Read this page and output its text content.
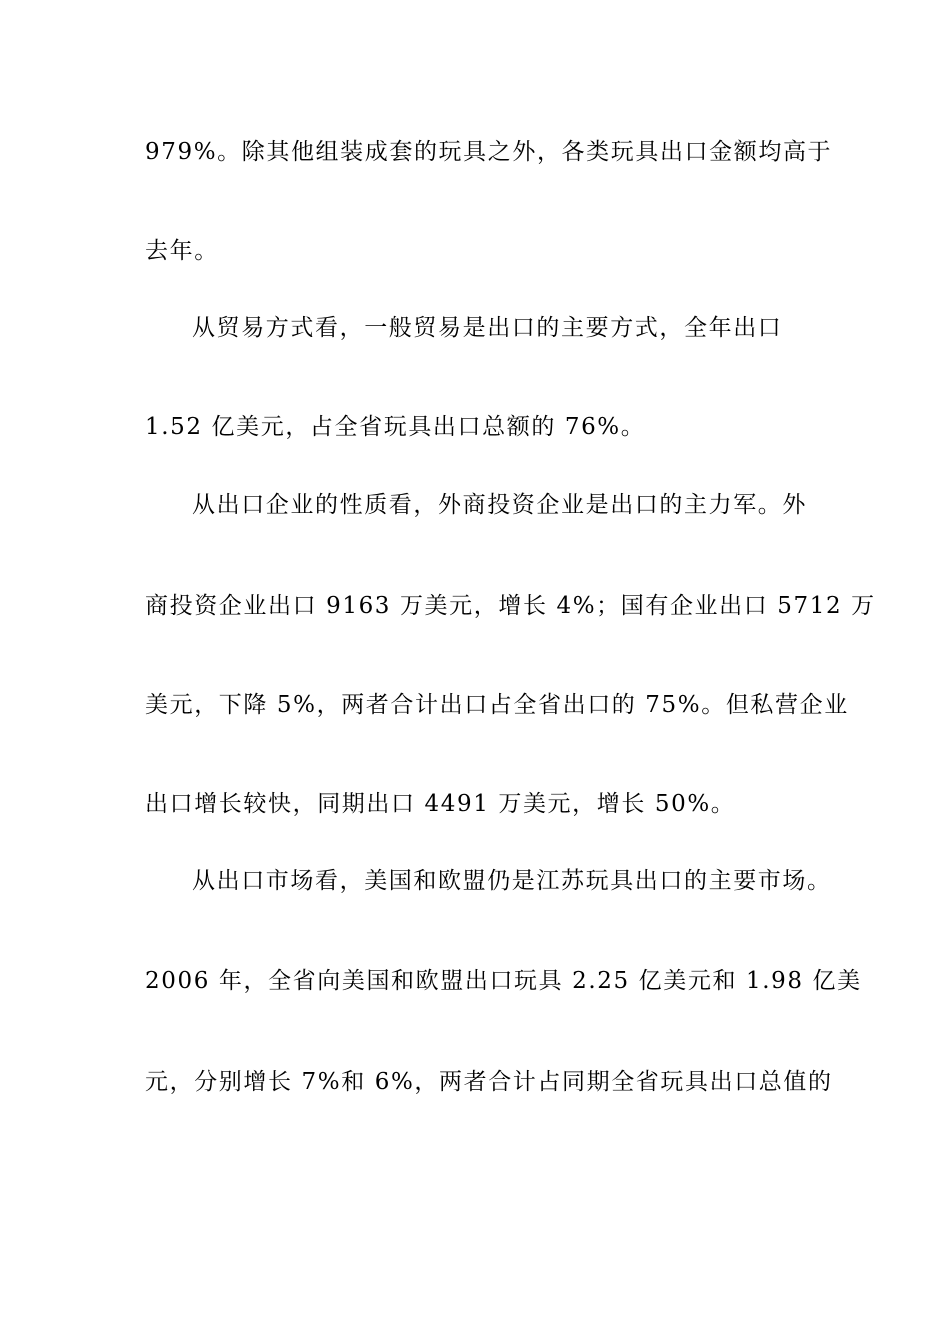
979%。除其他组装成套的玩具之外，各类玩具出口金额均高于
去年。
从贸易方式看，一般贸易是出口的主要方式，全年出口
1.52 亿美元，占全省玩具出口总额的 76%。
从出口企业的性质看，外商投资企业是出口的主力军。外
商投资企业出口 9163 万美元，增长 4%；国有企业出口 5712 万
美元，下降 5%，两者合计出口占全省出口的 75%。但私营企业
出口增长较快，同期出口 4491 万美元，增长 50%。
从出口市场看，美国和欧盟仍是江苏玩具出口的主要市场。
2006 年，全省向美国和欧盟出口玩具 2.25 亿美元和 1.98 亿美
元，分别增长 7%和 6%，两者合计占同期全省玩具出口总值的
